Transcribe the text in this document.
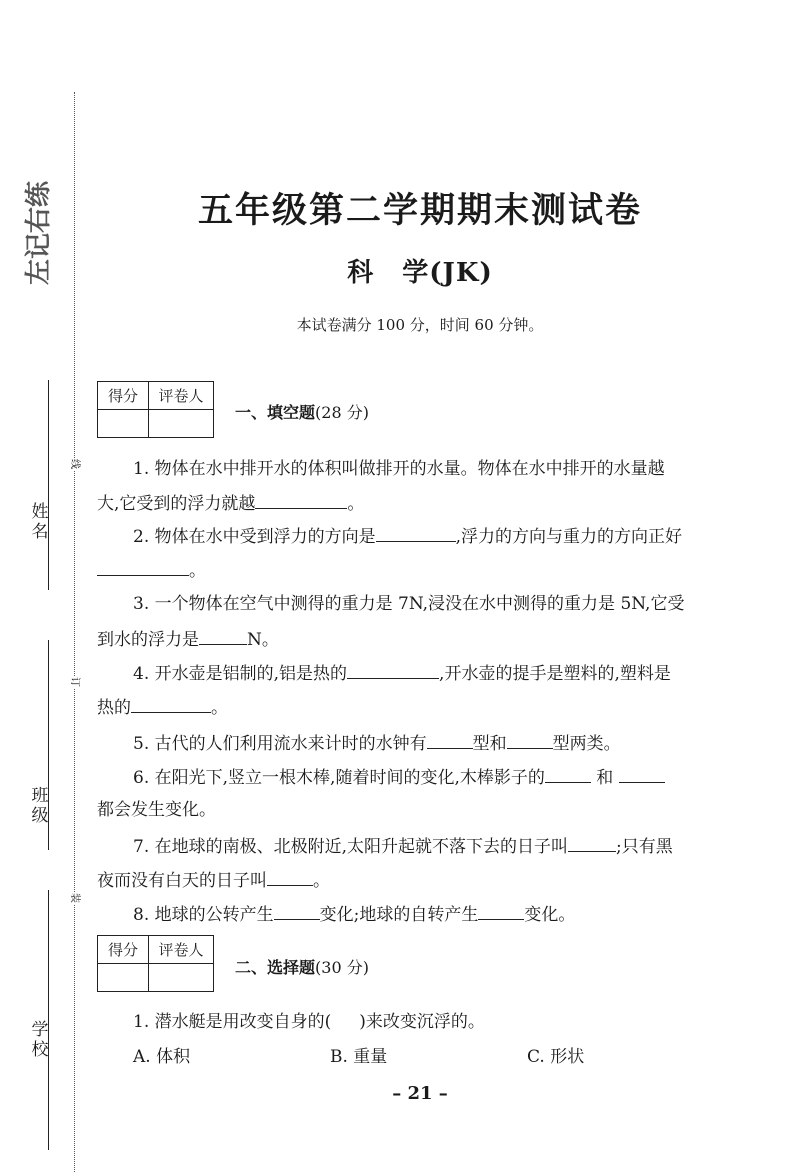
左记右练
姓名
班级
学校
线
订
装
五年级第二学期期末测试卷
科 学(JK)
本试卷满分 100 分，时间 60 分钟。
得分	评卷人

一、填空题(28 分)
1. 物体在水中排开水的体积叫做排开的水量。物体在水中排开的水量越
大,它受到的浮力就越	。
2. 物体在水中受到浮力的方向是	,浮力的方向与重力的方向正好
。
3. 一个物体在空气中测得的重力是 7N,浸没在水中测得的重力是 5N,它受
到水的浮力是	N。
4. 开水壶是铝制的,铝是热的	,开水壶的提手是塑料的,塑料是
热的	。
5. 古代的人们利用流水来计时的水钟有	型和	型两类。
6. 在阳光下,竖立一根木棒,随着时间的变化,木棒影子的	和
都会发生变化。
7. 在地球的南极、北极附近,太阳升起就不落下去的日子叫	;只有黑
夜而没有白天的日子叫	。
8. 地球的公转产生	变化;地球的自转产生	变化。
得分	评卷人

二、选择题(30 分)
1. 潜水艇是用改变自身的( )来改变沉浮的。
A. 体积	B. 重量	C. 形状
– 21 –
